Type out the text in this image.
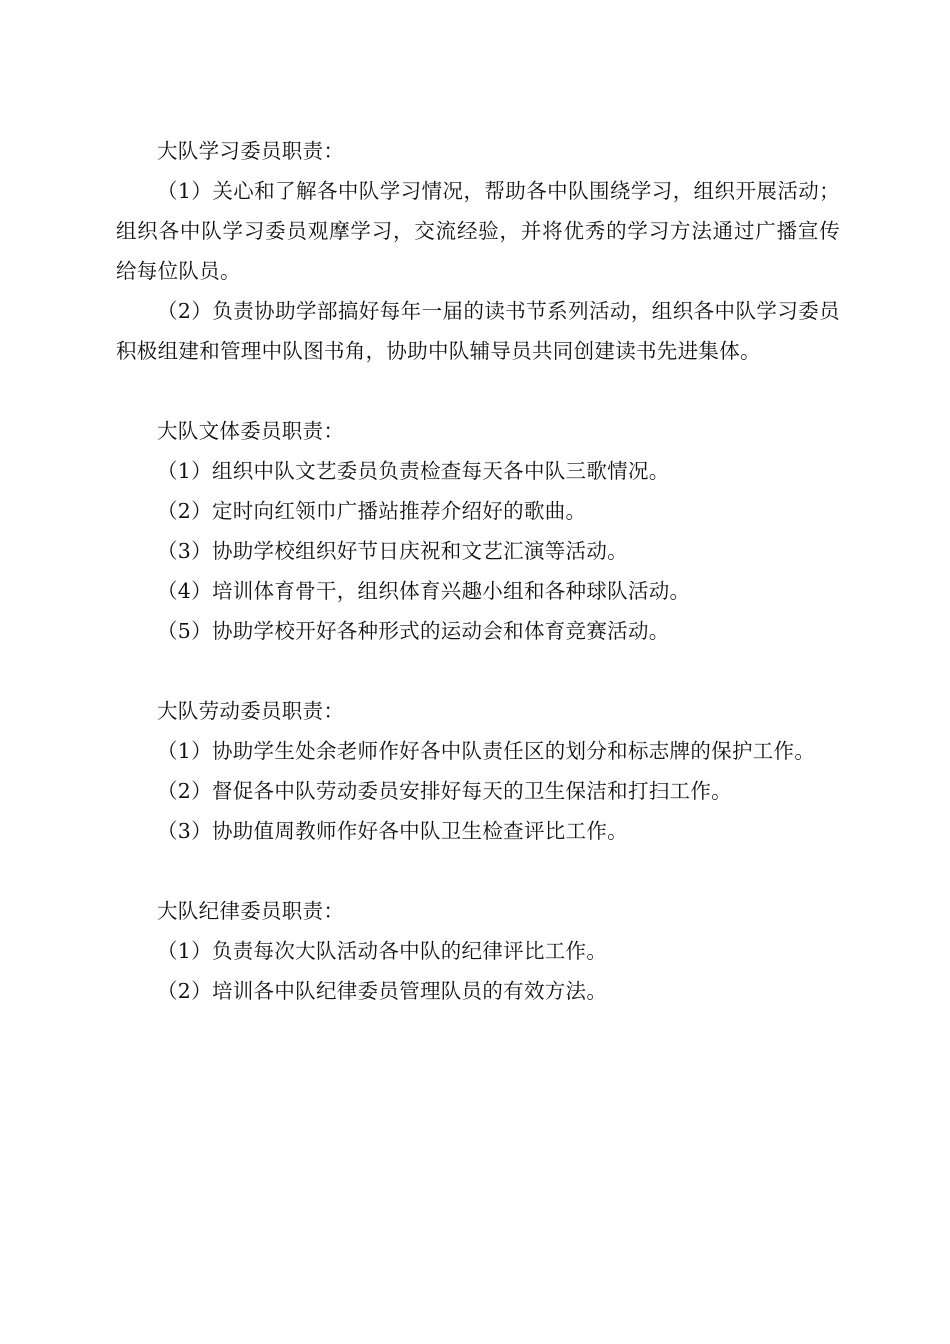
大队学习委员职责：

（1）关心和了解各中队学习情况，帮助各中队围绕学习，组织开展活动；组织各中队学习委员观摩学习，交流经验，并将优秀的学习方法通过广播宣传给每位队员。

（2）负责协助学部搞好每年一届的读书节系列活动，组织各中队学习委员积极组建和管理中队图书角，协助中队辅导员共同创建读书先进集体。

大队文体委员职责：

（1）组织中队文艺委员负责检查每天各中队三歌情况。

（2）定时向红领巾广播站推荐介绍好的歌曲。

（3）协助学校组织好节日庆祝和文艺汇演等活动。

（4）培训体育骨干，组织体育兴趣小组和各种球队活动。

（5）协助学校开好各种形式的运动会和体育竞赛活动。

大队劳动委员职责：

（1）协助学生处余老师作好各中队责任区的划分和标志牌的保护工作。

（2）督促各中队劳动委员安排好每天的卫生保洁和打扫工作。

（3）协助值周教师作好各中队卫生检查评比工作。

大队纪律委员职责：

（1）负责每次大队活动各中队的纪律评比工作。

（2）培训各中队纪律委员管理队员的有效方法。
